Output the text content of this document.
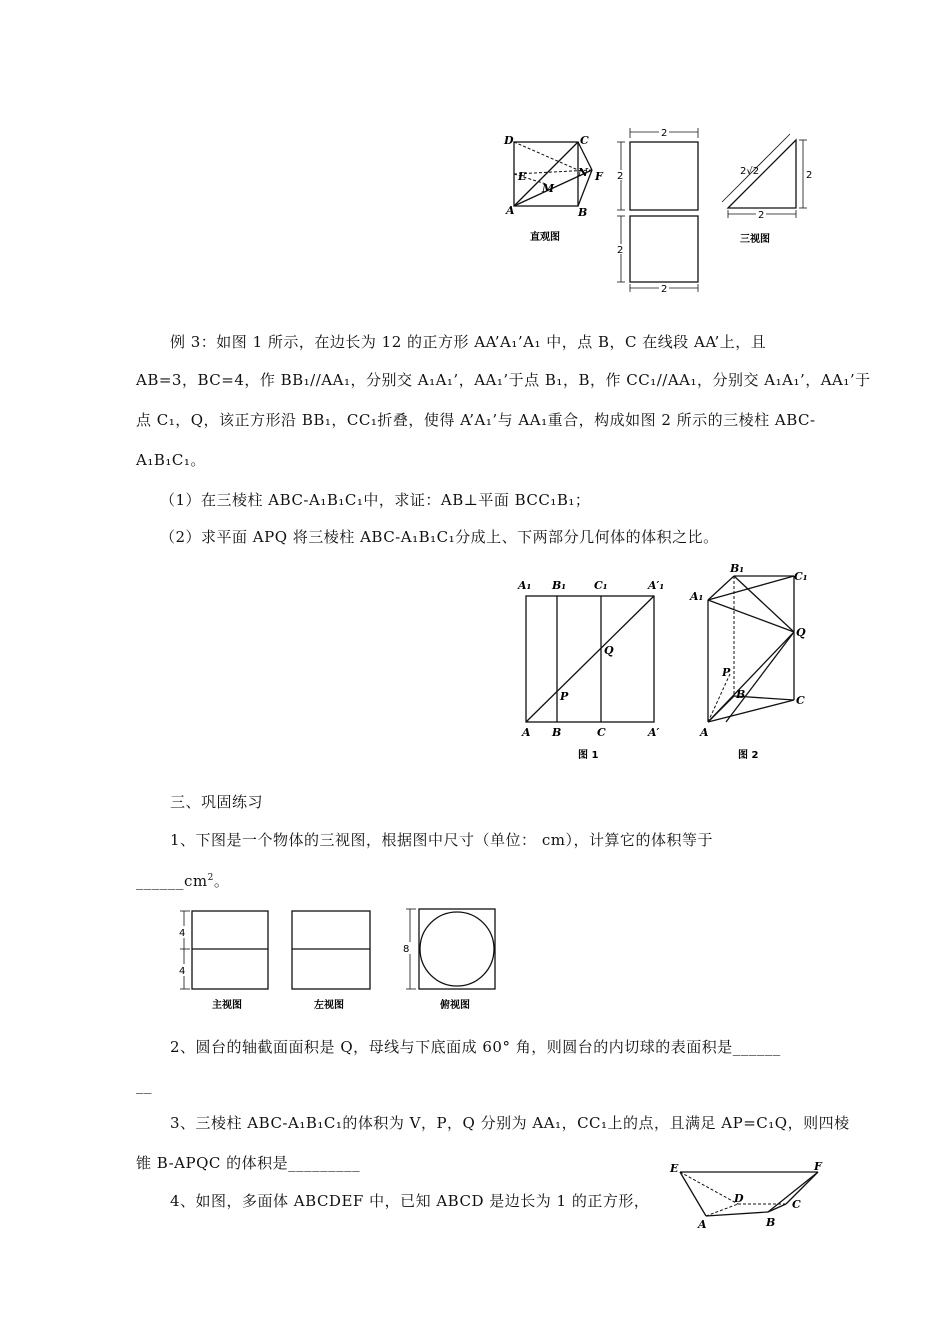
D	C
E	N
M
F
A	B
直观图
2
2
2
2
2√2	2
2
三视图
例 3：如图 1 所示，在边长为 12 的正方形 AA’A₁’A₁ 中，点 B，C 在线段 AA’上，且
AB=3，BC=4，作 BB₁//AA₁，分别交 A₁A₁’，AA₁’于点 B₁，B，作 CC₁//AA₁，分别交 A₁A₁’，AA₁’于
点 C₁，Q，该正方形沿 BB₁，CC₁折叠，使得 A’A₁’与 AA₁重合，构成如图 2 所示的三棱柱 ABC-
A₁B₁C₁。
（1）在三棱柱 ABC-A₁B₁C₁中，求证：AB⊥平面 BCC₁B₁；
（2）求平面 APQ 将三棱柱 ABC-A₁B₁C₁分成上、下两部分几何体的体积之比。
A₁ B₁	C₁	A′₁
Q
P
A B	C	A′
图 1
B₁
C₁
A₁
Q
P
B	C
A
图 2
三、巩固练习
1、下图是一个物体的三视图，根据图中尺寸（单位： cm），计算它的体积等于
$\_\_\_\_\_\_cm^2$。
4
4
8
主视图	左视图	俯视图
2、圆台的轴截面面积是 Q，母线与下底面成 60° 角，则圆台的内切球的表面积是______
__
3、三棱柱 ABC-A₁B₁C₁的体积为 V，P，Q 分别为 AA₁，CC₁上的点，且满足 AP=C₁Q，则四棱
锥 B-APQC 的体积是_________
4、如图，多面体 ABCDEF 中，已知 ABCD 是边长为 1 的正方形，
E	F
D	C
A	B
